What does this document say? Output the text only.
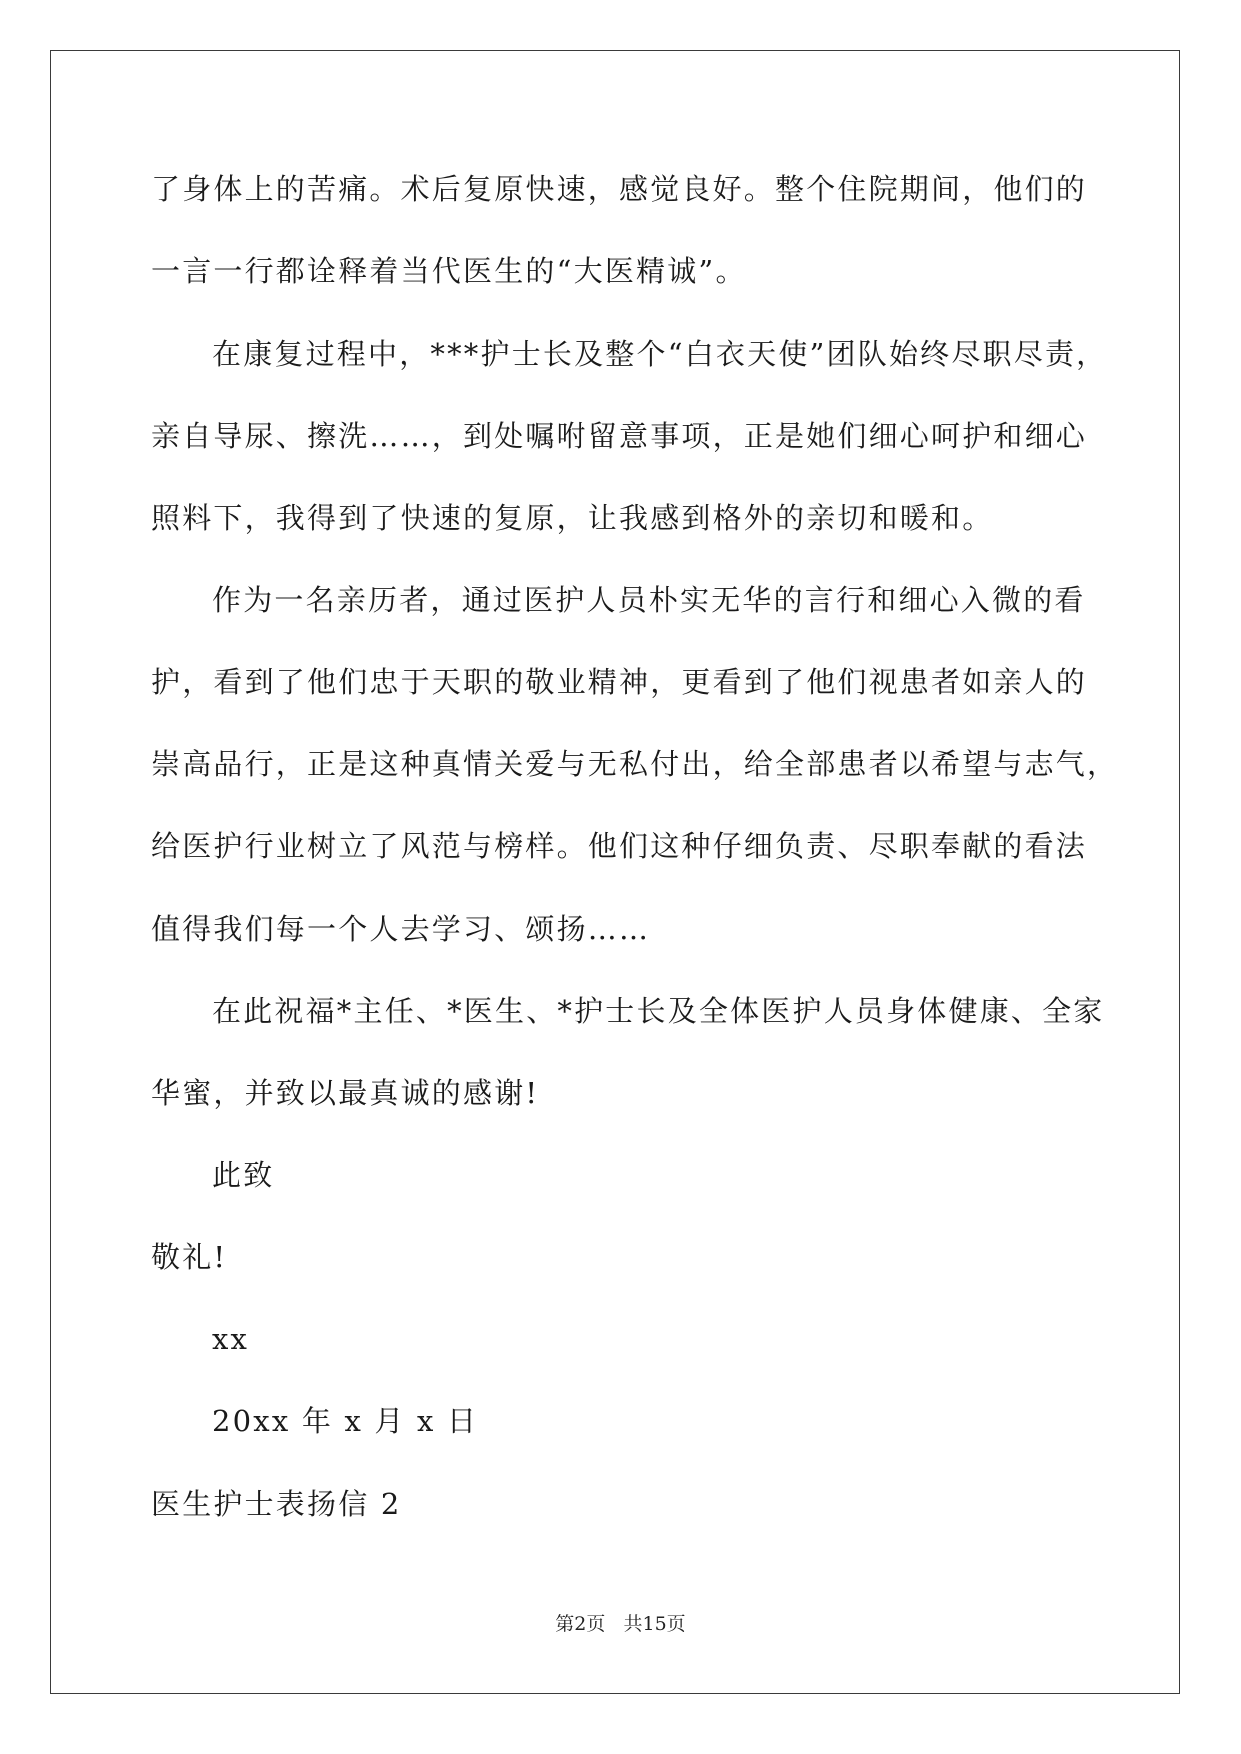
了身体上的苦痛。术后复原快速，感觉良好。整个住院期间，他们的
一言一行都诠释着当代医生的“大医精诚”。
在康复过程中，***护士长及整个“白衣天使”团队始终尽职尽责，
亲自导尿、擦洗……，到处嘱咐留意事项，正是她们细心呵护和细心
照料下，我得到了快速的复原，让我感到格外的亲切和暖和。
作为一名亲历者，通过医护人员朴实无华的言行和细心入微的看
护，看到了他们忠于天职的敬业精神，更看到了他们视患者如亲人的
崇高品行，正是这种真情关爱与无私付出，给全部患者以希望与志气，
给医护行业树立了风范与榜样。他们这种仔细负责、尽职奉献的看法
值得我们每一个人去学习、颂扬……
在此祝福*主任、*医生、*护士长及全体医护人员身体健康、全家
华蜜，并致以最真诚的感谢!
此致
敬礼!
xx
20xx 年 x 月 x 日
医生护士表扬信 2
第2页   共15页
